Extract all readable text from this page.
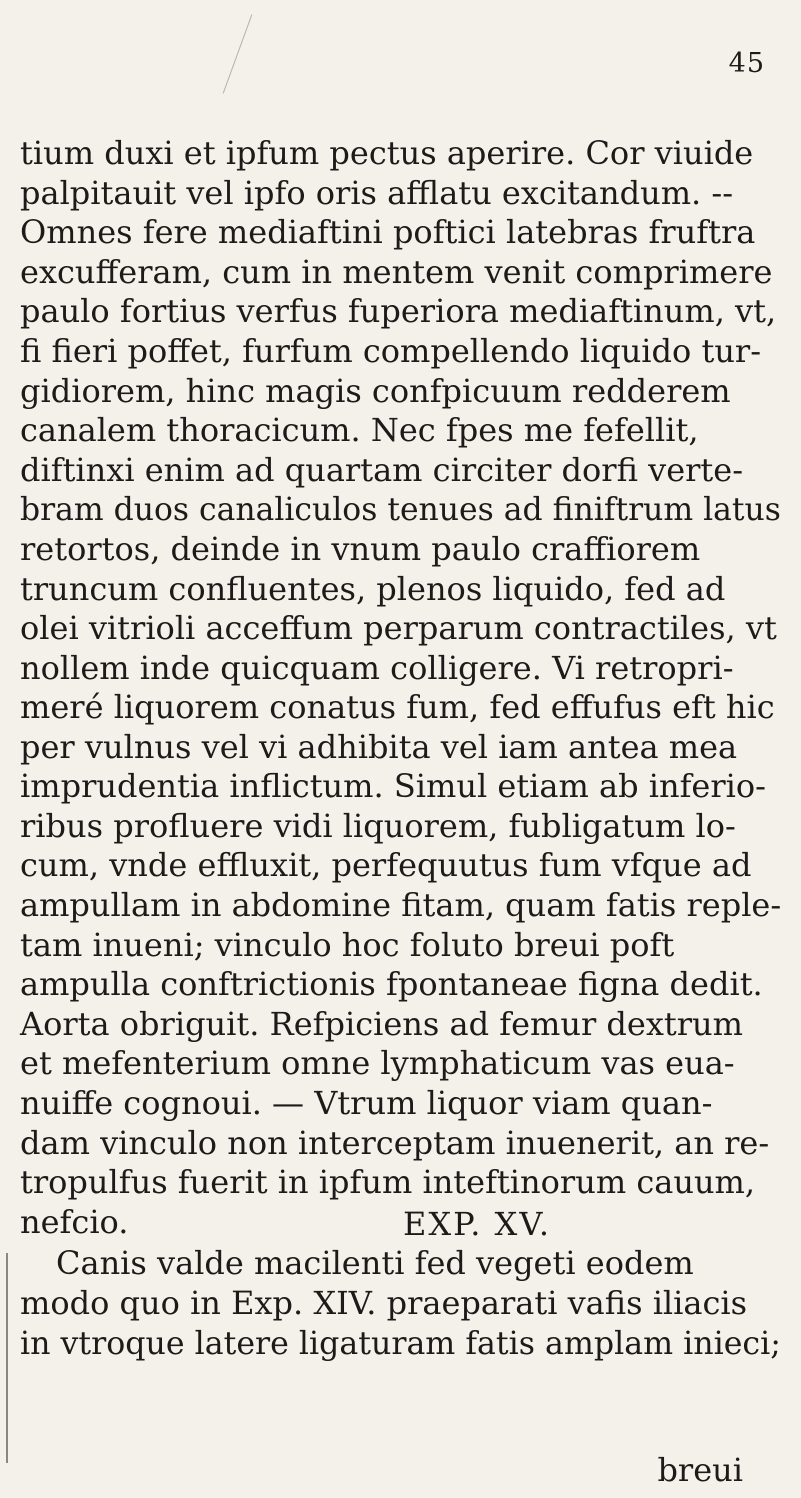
45
tium duxi et ipfum pectus aperire. Cor viuide
palpitauit vel ipfo oris afflatu excitandum. --
Omnes fere mediaftini poftici latebras fruftra
excufferam, cum in mentem venit comprimere
paulo fortius verfus fuperiora mediaftinum, vt,
fi fieri poffet, furfum compellendo liquido tur-
gidiorem, hinc magis confpicuum redderem
canalem thoracicum. Nec fpes me fefellit,
diftinxi enim ad quartam circiter dorfi verte-
bram duos canaliculos tenues ad finiftrum latus
retortos, deinde in vnum paulo craffiorem
truncum confluentes, plenos liquido, fed ad
olei vitrioli acceffum perparum contractiles, vt
nollem inde quicquam colligere. Vi retropri-
meré liquorem conatus fum, fed effufus eft hic
per vulnus vel vi adhibita vel iam antea mea
imprudentia inflictum. Simul etiam ab inferio-
ribus profluere vidi liquorem, fubligatum lo-
cum, vnde effluxit, perfequutus fum vfque ad
ampullam in abdomine fitam, quam fatis reple-
tam inueni; vinculo hoc foluto breui poft
ampulla conftrictionis fpontaneae figna dedit.
Aorta obriguit. Refpiciens ad femur dextrum
et mefenterium omne lymphaticum vas eua-
nuiffe cognoui. — Vtrum liquor viam quan-
dam vinculo non interceptam inuenerit, an re-
tropulfus fuerit in ipfum inteftinorum cauum,
nefcio.	EXP. XV.
Canis valde macilenti fed vegeti eodem
modo quo in Exp. XIV. praeparati vafis iliacis
in vtroque latere ligaturam fatis amplam inieci;
breui
